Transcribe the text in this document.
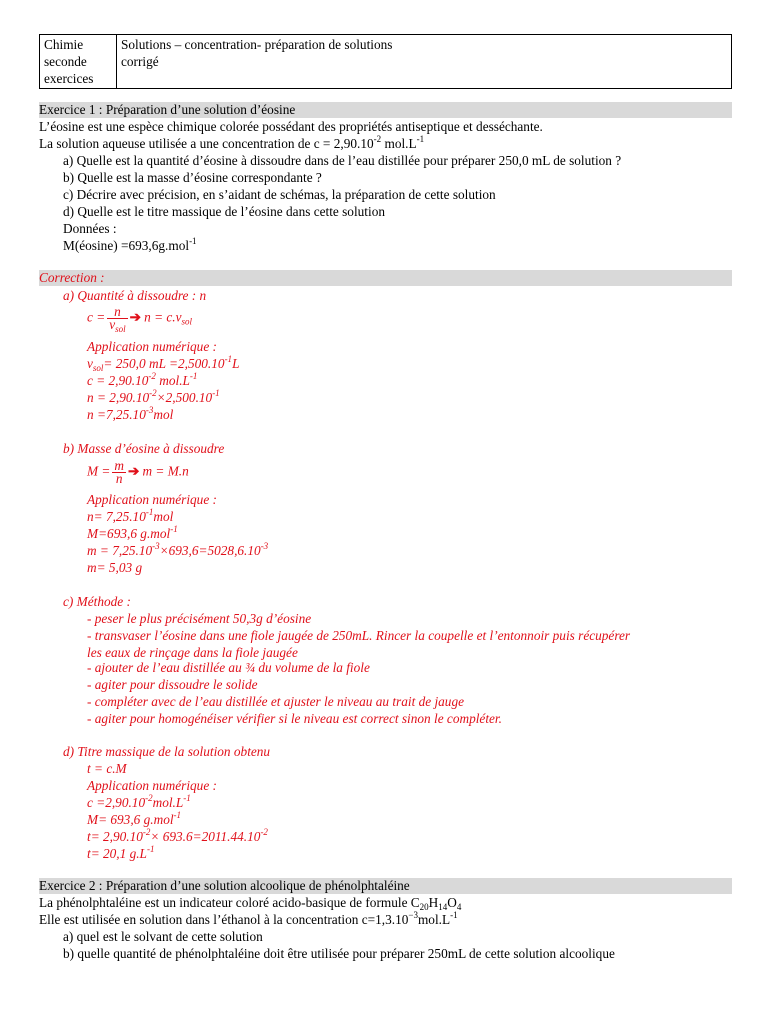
Chimie
seconde
exercices

Solutions – concentration- préparation de solutions
corrigé
Exercice 1 : Préparation d’une solution d’éosine
L’éosine est une espèce chimique colorée possédant des propriétés antiseptique et desséchante.
La solution aqueuse utilisée a une concentration de $c = 2,90.10^{-2}$ $mol.L^{-1}$
a) Quelle est la quantité d’éosine à dissoudre dans de l’eau distillée pour préparer 250,0 mL de solution ?
b) Quelle est la masse d’éosine correspondante ?
c) Décrire avec précision, en s’aidant de schémas, la préparation de cette solution
d) Quelle est le titre massique de l’éosine dans cette solution
Données :
M(éosine) =693,6g.mol$^{-1}$
Correction :
a) Quantité à dissoudre : n
$c = \frac{n}{v_{sol}}$ ➔ $n = c.v_{sol}$
Application numérique :
$v_{sol}= 250,0$ mL $=2,500.10^{-1}L$
$c = 2,90.10^{-2}$ $mol.L^{-1}$
$n = 2,90.10^{-2}\times 2,500.10^{-1}$
$n =7,25.10^{-3}mol$
b) Masse d’éosine à dissoudre
$M = \frac{m}{n}$ ➔ m = M.n
Application numérique :
$n= 7,25.10^{-1}mol$
M=693,6 g.mol$^{-1}$
$m = 7,25.10^{-3}\times 693,6=5028,6.10^{-3}$
m= 5,03 g
c) Méthode :
- peser le plus précisément 50,3g d’éosine
- transvaser l’éosine dans une fiole jaugée de 250mL. Rincer la coupelle et l’entonnoir puis récupérer
les eaux de rinçage dans la fiole jaugée
- ajouter de l’eau distillée au ¾ du volume de la fiole
- agiter pour dissoudre le solide
- compléter avec de l’eau distillée et ajuster le niveau au trait de jauge
- agiter pour homogénéiser vérifier si le niveau est correct sinon le compléter.
d) Titre massique de la solution obtenu
t = c.M
Application numérique :
$c =2,90.10^{-2}mol.L^{-1}$
M= 693,6 g.mol$^{-1}$
$t= 2,90.10^{-2}\times 693.6=2011.44.10^{-2}$
t= 20,1 $g.L^{-1}$
Exercice 2 : Préparation d’une solution alcoolique de phénolphtaléine
La phénolphtaléine est un indicateur coloré acido-basique de formule $C_{20}H_{14}O_4$
Elle est utilisée en solution dans l’éthanol à la concentration $c=1,3.10^{-3}mol.L^{-1}$
a) quel est le solvant de cette solution
b) quelle quantité de phénolphtaléine doit être utilisée pour préparer 250mL de cette solution alcoolique
